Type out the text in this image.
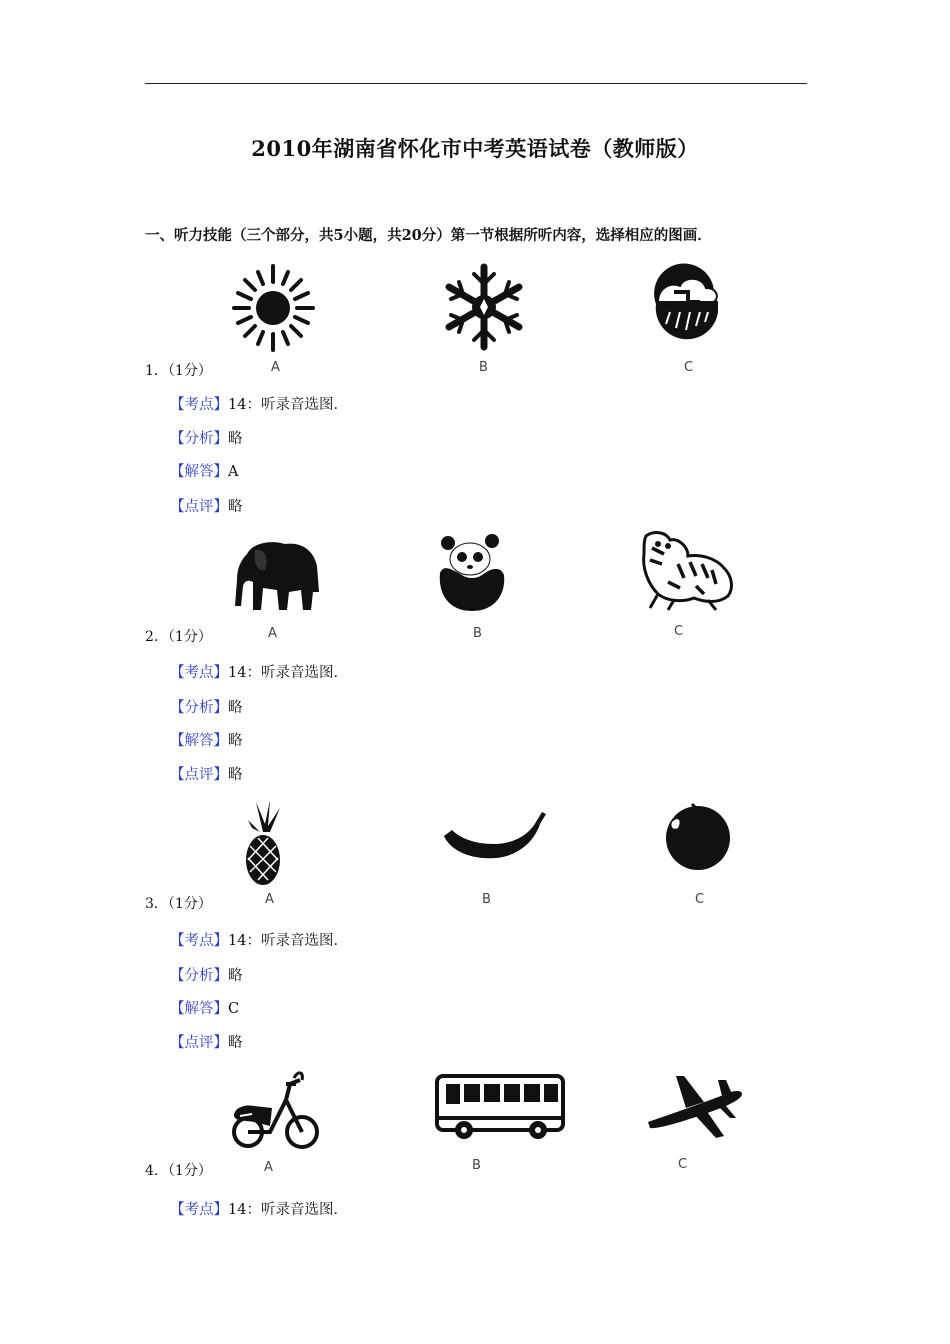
2010年湖南省怀化市中考英语试卷（教师版）
一、听力技能（三个部分，共5小题，共20分）第一节根据所听内容，选择相应的图画．
1．（1分）	A	B	C
【考点】14：听录音选图．
【分析】略
【解答】A
【点评】略
2．（1分）	A	B	C
【考点】14：听录音选图．
【分析】略
【解答】略
【点评】略
3．（1分）	A	B	C
【考点】14：听录音选图．
【分析】略
【解答】C
【点评】略
4．（1分）	A	B	C
【考点】14：听录音选图．
